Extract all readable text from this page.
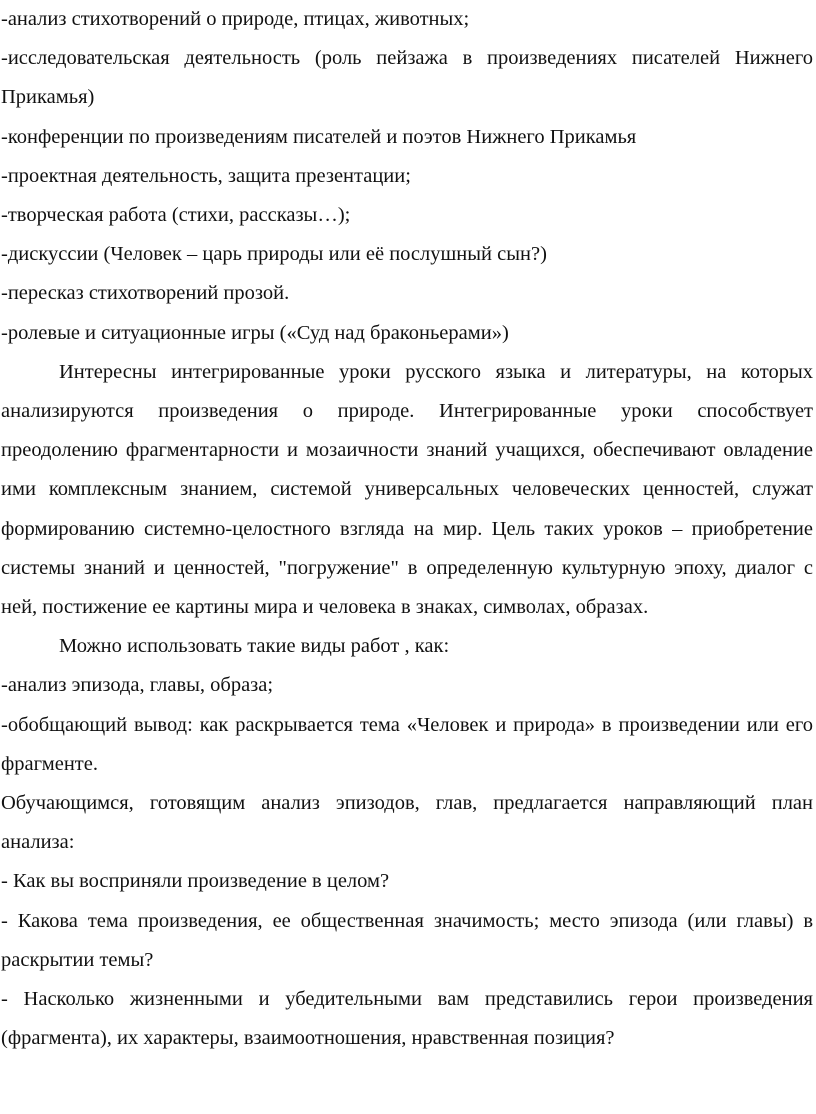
-анализ стихотворений о природе, птицах, животных;

-исследовательская деятельность (роль пейзажа в произведениях писателей Нижнего Прикамья)

-конференции по произведениям писателей и поэтов Нижнего Прикамья

-проектная деятельность, защита презентации;

-творческая работа (стихи, рассказы…);

-дискуссии (Человек – царь природы или её послушный сын?)

-пересказ стихотворений прозой.

-ролевые и ситуационные игры («Суд над браконьерами»)

Интересны интегрированные уроки русского языка и литературы, на которых анализируются произведения о природе. Интегрированные уроки способствует преодолению фрагментарности и мозаичности знаний учащихся, обеспечивают овладение ими комплексным знанием, системой универсальных человеческих ценностей, служат формированию системно-целостного взгляда на мир. Цель таких уроков – приобретение системы знаний и ценностей, "погружение" в определенную культурную эпоху, диалог с ней, постижение ее картины мира и человека в знаках, символах, образах.

Можно использовать такие виды работ , как:

-анализ эпизода, главы, образа;

-обобщающий вывод: как раскрывается тема «Человек и природа» в произведении или его фрагменте.

Обучающимся, готовящим анализ эпизодов, глав, предлагается направляющий план анализа:

- Как вы восприняли произведение в целом?

- Какова тема произведения, ее общественная значимость; место эпизода (или главы) в раскрытии темы?

- Насколько жизненными и убедительными вам представились герои произведения (фрагмента), их характеры, взаимоотношения, нравственная позиция?
